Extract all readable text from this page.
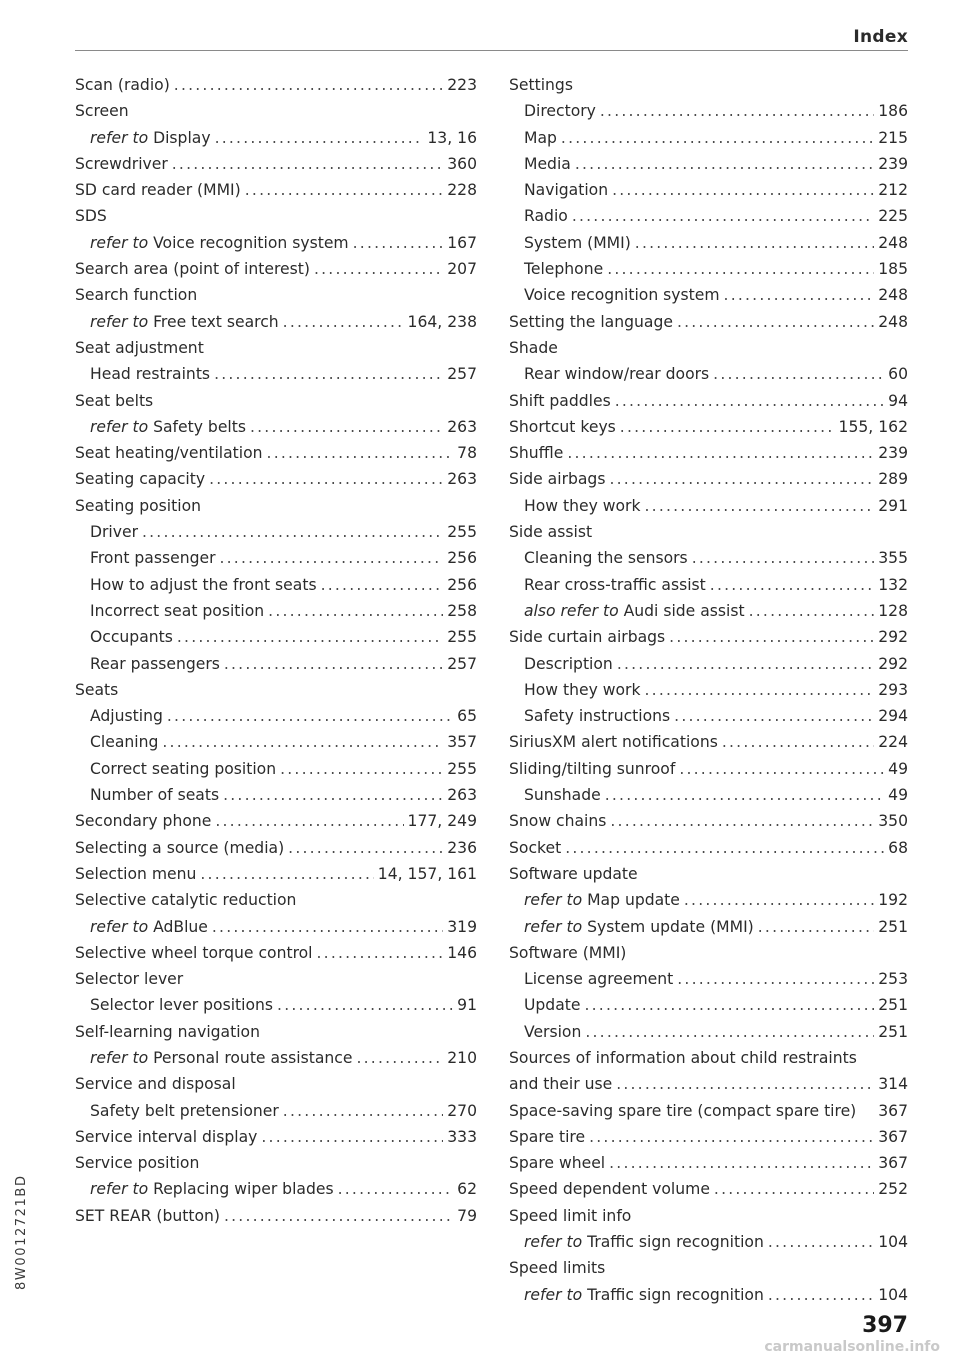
Index
Scan (radio) .....	223
Screen
refer to Display .....	13, 16
Screwdriver .....	360
SD card reader (MMI) .....	228
SDS
refer to Voice recognition system .....	167
Search area (point of interest) .....	207
Search function
refer to Free text search .....	164, 238
Seat adjustment
Head restraints .....	257
Seat belts
refer to Safety belts .....	263
Seat heating/ventilation .....	78
Seating capacity .....	263
Seating position
Driver .....	255
Front passenger .....	256
How to adjust the front seats .....	256
Incorrect seat position .....	258
Occupants .....	255
Rear passengers .....	257
Seats
Adjusting .....	65
Cleaning .....	357
Correct seating position .....	255
Number of seats .....	263
Secondary phone .....	177, 249
Selecting a source (media) .....	236
Selection menu .....	14, 157, 161
Selective catalytic reduction
refer to AdBlue .....	319
Selective wheel torque control .....	146
Selector lever
Selector lever positions .....	91
Self-learning navigation
refer to Personal route assistance .....	210
Service and disposal
Safety belt pretensioner .....	270
Service interval display .....	333
Service position
refer to Replacing wiper blades .....	62
SET REAR (button) .....	79
Settings
Directory .....	186
Map .....	215
Media .....	239
Navigation .....	212
Radio .....	225
System (MMI) .....	248
Telephone .....	185
Voice recognition system .....	248
Setting the language .....	248
Shade
Rear window/rear doors .....	60
Shift paddles .....	94
Shortcut keys .....	155, 162
Shuffle .....	239
Side airbags .....	289
How they work .....	291
Side assist
Cleaning the sensors .....	355
Rear cross-traffic assist .....	132
also refer to Audi side assist .....	128
Side curtain airbags .....	292
Description .....	292
How they work .....	293
Safety instructions .....	294
SiriusXM alert notifications .....	224
Sliding/tilting sunroof .....	49
Sunshade .....	49
Snow chains .....	350
Socket .....	68
Software update
refer to Map update .....	192
refer to System update (MMI) .....	251
Software (MMI)
License agreement .....	253
Update .....	251
Version .....	251
Sources of information about child restraints
and their use .....	314
Space-saving spare tire (compact spare tire) 367
Spare tire .....	367
Spare wheel .....	367
Speed dependent volume .....	252
Speed limit info
refer to Traffic sign recognition .....	104
Speed limits
refer to Traffic sign recognition .....	104
8W0012721BD
397
carmanualsonline.info
